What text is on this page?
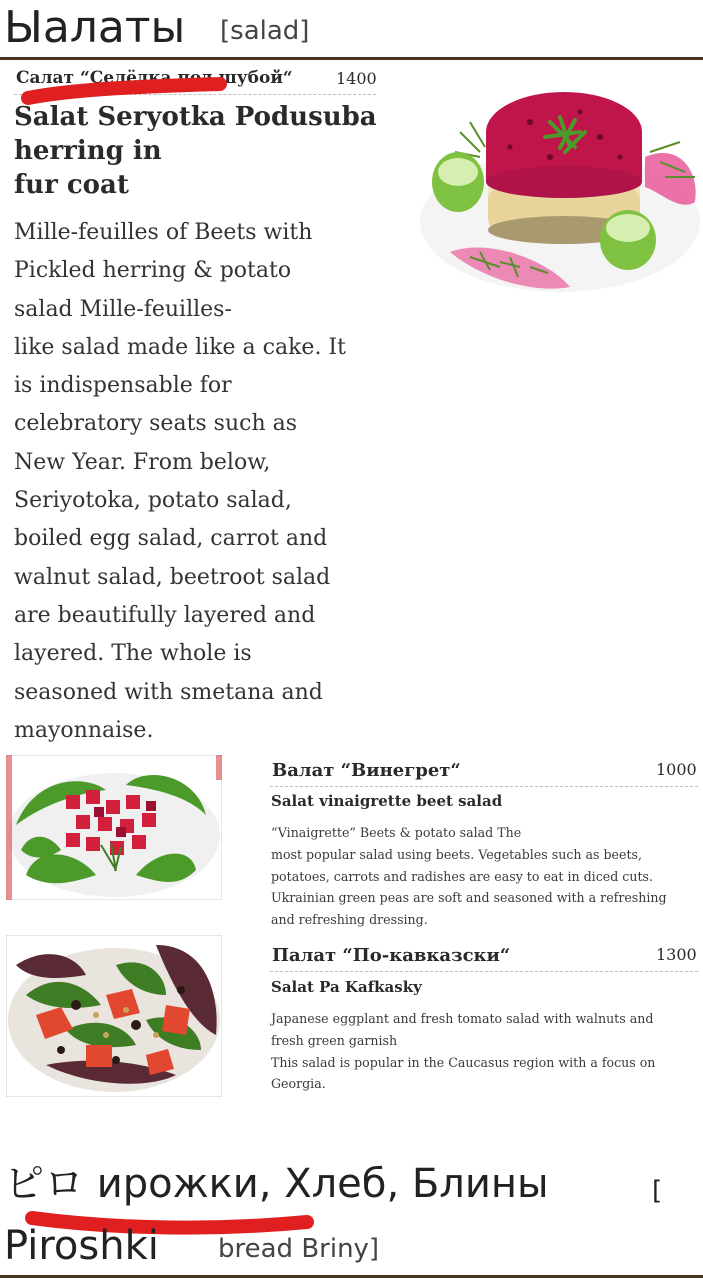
Ыалаты [salad]
Салат “Селёдка под шубой“	1400
Salat Seryotka Podusuba
herring in
fur coat
Mille-feuilles of Beets with
Pickled herring & potato
salad Mille-feuilles-
like salad made like a cake. It
is indispensable for
celebratory seats such as
New Year. From below,
Seriyotoka, potato salad,
boiled egg salad, carrot and
walnut salad, beetroot salad
are beautifully layered and
layered. The whole is
seasoned with smetana and
mayonnaise.
Валат “Винегрет“	1000
Salat vinaigrette beet salad
“Vinaigrette” Beets & potato salad The
most popular salad using beets. Vegetables such as beets,
potatoes, carrots and radishes are easy to eat in diced cuts.
Ukrainian green peas are soft and seasoned with a refreshing
and refreshing dressing.
Палат “По-кавказски“	1300
Salat Pa Kafkasky
Japanese eggplant and fresh tomato salad with walnuts and
fresh green garnish
This salad is popular in the Caucasus region with a focus on
Georgia.
ピロ ирожки, Хлеб, Блины	[
Piroshki bread Briny]
